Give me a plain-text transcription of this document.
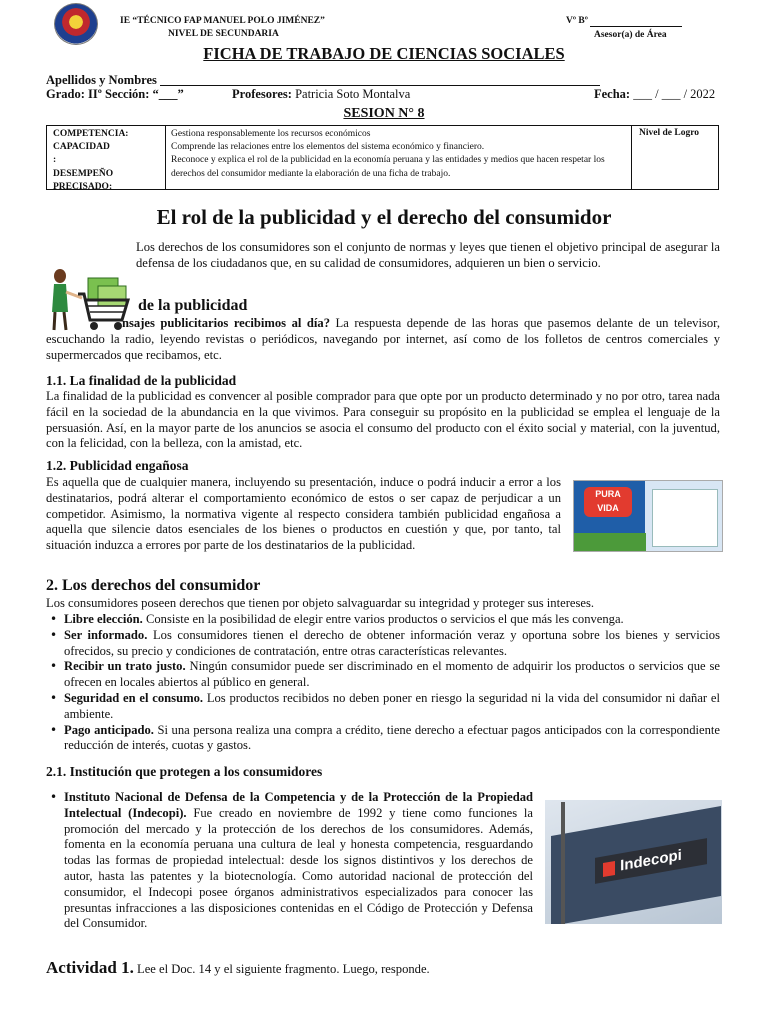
IE “TÉCNICO FAP MANUEL POLO JIMÉNEZ”
NIVEL DE SECUNDARIA
Vº Bº
Asesor(a) de Área
FICHA DE TRABAJO DE CIENCIAS SOCIALES
Apellidos y Nombres
Grado: IIº Sección: “___”	Profesores: Patricia Soto Montalva	Fecha: ___ / ___ / 2022
SESION N° 8
COMPETENCIA:
CAPACIDAD
:
DESEMPEÑO
PRECISADO:
Gestiona responsablemente los recursos económicos
Comprende las relaciones entre los elementos del sistema económico y financiero.
Reconoce y explica el rol de la publicidad en la economía peruana y las entidades y medios que hacen respetar los derechos del consumidor mediante la elaboración de una ficha de trabajo.
Nivel de Logro
El rol de la publicidad y el derecho del consumidor
Los derechos de los consumidores son el conjunto de normas y leyes que tienen el objetivo principal de asegurar la defensa de los ciudadanos que, en su calidad de consumidores, adquieren un bien o servicio.
de la publicidad
nsajes publicitarios recibimos al día? La respuesta depende de las horas que pasemos delante de un televisor, escuchando la radio, leyendo revistas o periódicos, navegando por internet, así como de los folletos de centros comerciales y supermercados que recibamos, etc.
1.1. La finalidad de la publicidad
La finalidad de la publicidad es convencer al posible comprador para que opte por un producto determinado y no por otro, tarea nada fácil en la sociedad de la abundancia en la que vivimos. Para conseguir su propósito en la publicidad se emplea el lenguaje de la persuasión. Así, en la mayor parte de los anuncios se asocia el consumo del producto con el éxito social y material, con la juventud, con la felicidad, con la belleza, con la amistad, etc.
1.2. Publicidad engañosa
Es aquella que de cualquier manera, incluyendo su presentación, induce o podrá inducir a error a los destinatarios, podrá alterar el comportamiento económico de estos o ser capaz de perjudicar a un competidor. Asimismo, la normativa vigente al respecto considera también publicidad engañosa a aquella que silencie datos esenciales de los bienes o productos en cuestión y que, por tanto, tal situación induzca a errores por parte de los destinatarios de la publicidad.
PURA VIDA
2. Los derechos del consumidor
Los consumidores poseen derechos que tienen por objeto salvaguardar su integridad y proteger sus intereses.
• Libre elección. Consiste en la posibilidad de elegir entre varios productos o servicios el que más les convenga.
• Ser informado. Los consumidores tienen el derecho de obtener información veraz y oportuna sobre los bienes y servicios ofrecidos, su precio y condiciones de contratación, entre otras características relevantes.
• Recibir un trato justo. Ningún consumidor puede ser discriminado en el momento de adquirir los productos o servicios que se ofrecen en locales abiertos al público en general.
• Seguridad en el consumo. Los productos recibidos no deben poner en riesgo la seguridad ni la vida del consumidor ni dañar el ambiente.
• Pago anticipado. Si una persona realiza una compra a crédito, tiene derecho a efectuar pagos anticipados con la correspondiente reducción de interés, cuotas y gastos.
2.1. Institución que protegen a los consumidores
• Instituto Nacional de Defensa de la Competencia y de la Protección de la Propiedad Intelectual (Indecopi). Fue creado en noviembre de 1992 y tiene como funciones la promoción del mercado y la protección de los derechos de los consumidores. Además, fomenta en la economía peruana una cultura de leal y honesta competencia, resguardando todas las formas de propiedad intelectual: desde los signos distintivos y los derechos de autor, hasta las patentes y la biotecnología. Como autoridad nacional de protección del consumidor, el Indecopi posee órganos administrativos especializados para conocer las presuntas infracciones a las disposiciones contenidas en el Código de Protección y Defensa del Consumidor.
Indecopi
Actividad 1. Lee el Doc. 14 y el siguiente fragmento. Luego, responde.
